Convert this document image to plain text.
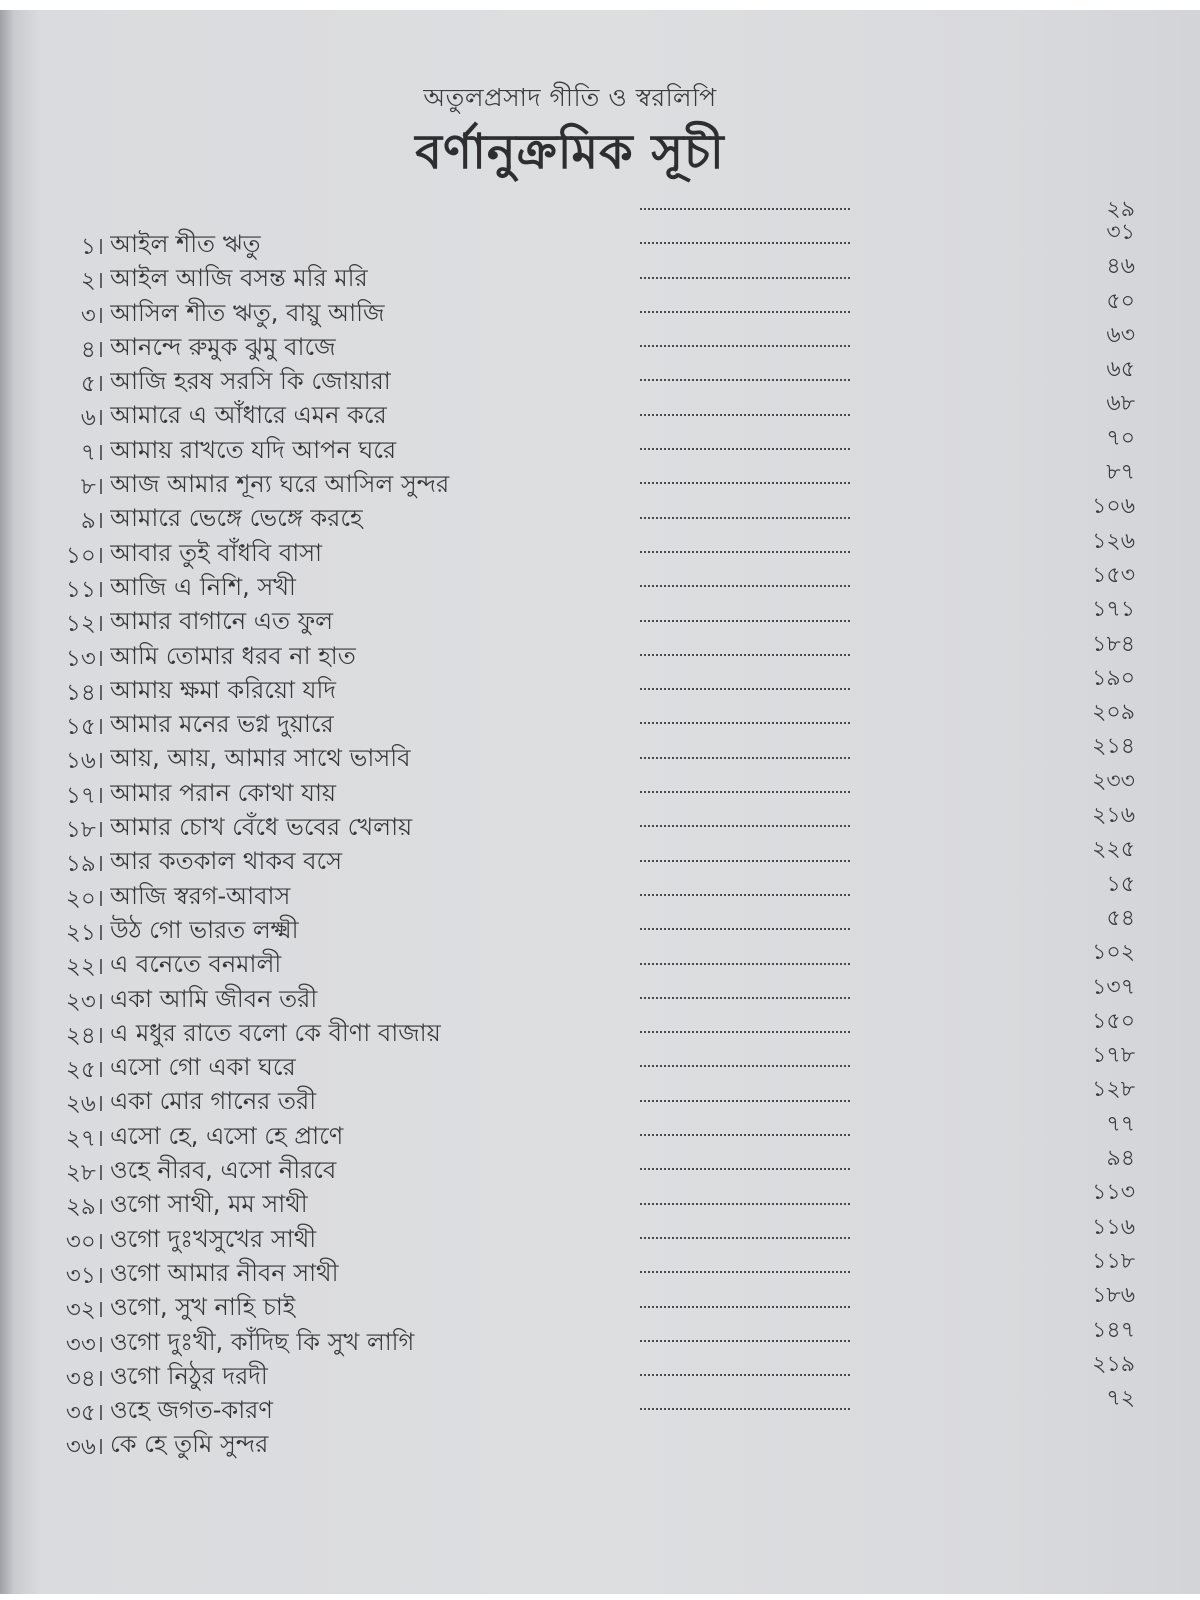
অতুলপ্রসাদ গীতি ও স্বরলিপি
বর্ণানুক্রমিক সূচী
২৯
১। আইল শীত ঋতু	৩১
২। আইল আজি বসন্ত মরি মরি	৪৬
৩। আসিল শীত ঋতু, বায়ু আজি	৫০
৪। আনন্দে রুমুক ঝুমু বাজে	৬৩
৫। আজি হরষ সরসি কি জোয়ারা	৬৫
৬। আমারে এ আঁধারে এমন করে	৬৮
৭। আমায় রাখতে যদি আপন ঘরে	৭০
৮। আজ আমার শূন্য ঘরে আসিল সুন্দর	৮৭
৯। আমারে ভেঙ্গে ভেঙ্গে করহে	১০৬
১০। আবার তুই বাঁধবি বাসা	১২৬
১১। আজি এ নিশি, সখী	১৫৩
১২। আমার বাগানে এত ফুল	১৭১
১৩। আমি তোমার ধরব না হাত	১৮৪
১৪। আমায় ক্ষমা করিয়ো যদি	১৯০
১৫। আমার মনের ভগ্ন দুয়ারে	২০৯
১৬। আয়, আয়, আমার সাথে ভাসবি	২১৪
১৭। আমার পরান কোথা যায়	২৩৩
১৮। আমার চোখ বেঁধে ভবের খেলায়	২১৬
১৯। আর কতকাল থাকব বসে	২২৫
২০। আজি স্বরগ-আবাস	১৫
২১। উঠ গো ভারত লক্ষ্মী	৫৪
২২। এ বনেতে বনমালী	১০২
২৩। একা আমি জীবন তরী	১৩৭
২৪। এ মধুর রাতে বলো কে বীণা বাজায়	১৫০
২৫। এসো গো একা ঘরে	১৭৮
২৬। একা মোর গানের তরী	১২৮
২৭। এসো হে, এসো হে প্রাণে	৭৭
২৮। ওহে নীরব, এসো নীরবে	৯৪
২৯। ওগো সাথী, মম সাথী	১১৩
৩০। ওগো দুঃখসুখের সাথী	১১৬
৩১। ওগো আমার নীবন সাথী	১১৮
৩২। ওগো, সুখ নাহি চাই	১৮৬
৩৩। ওগো দুঃখী, কাঁদিছ কি সুখ লাগি	১৪৭
৩৪। ওগো নিঠুর দরদী	২১৯
৩৫। ওহে জগত-কারণ	৭২
৩৬। কে হে তুমি সুন্দর
